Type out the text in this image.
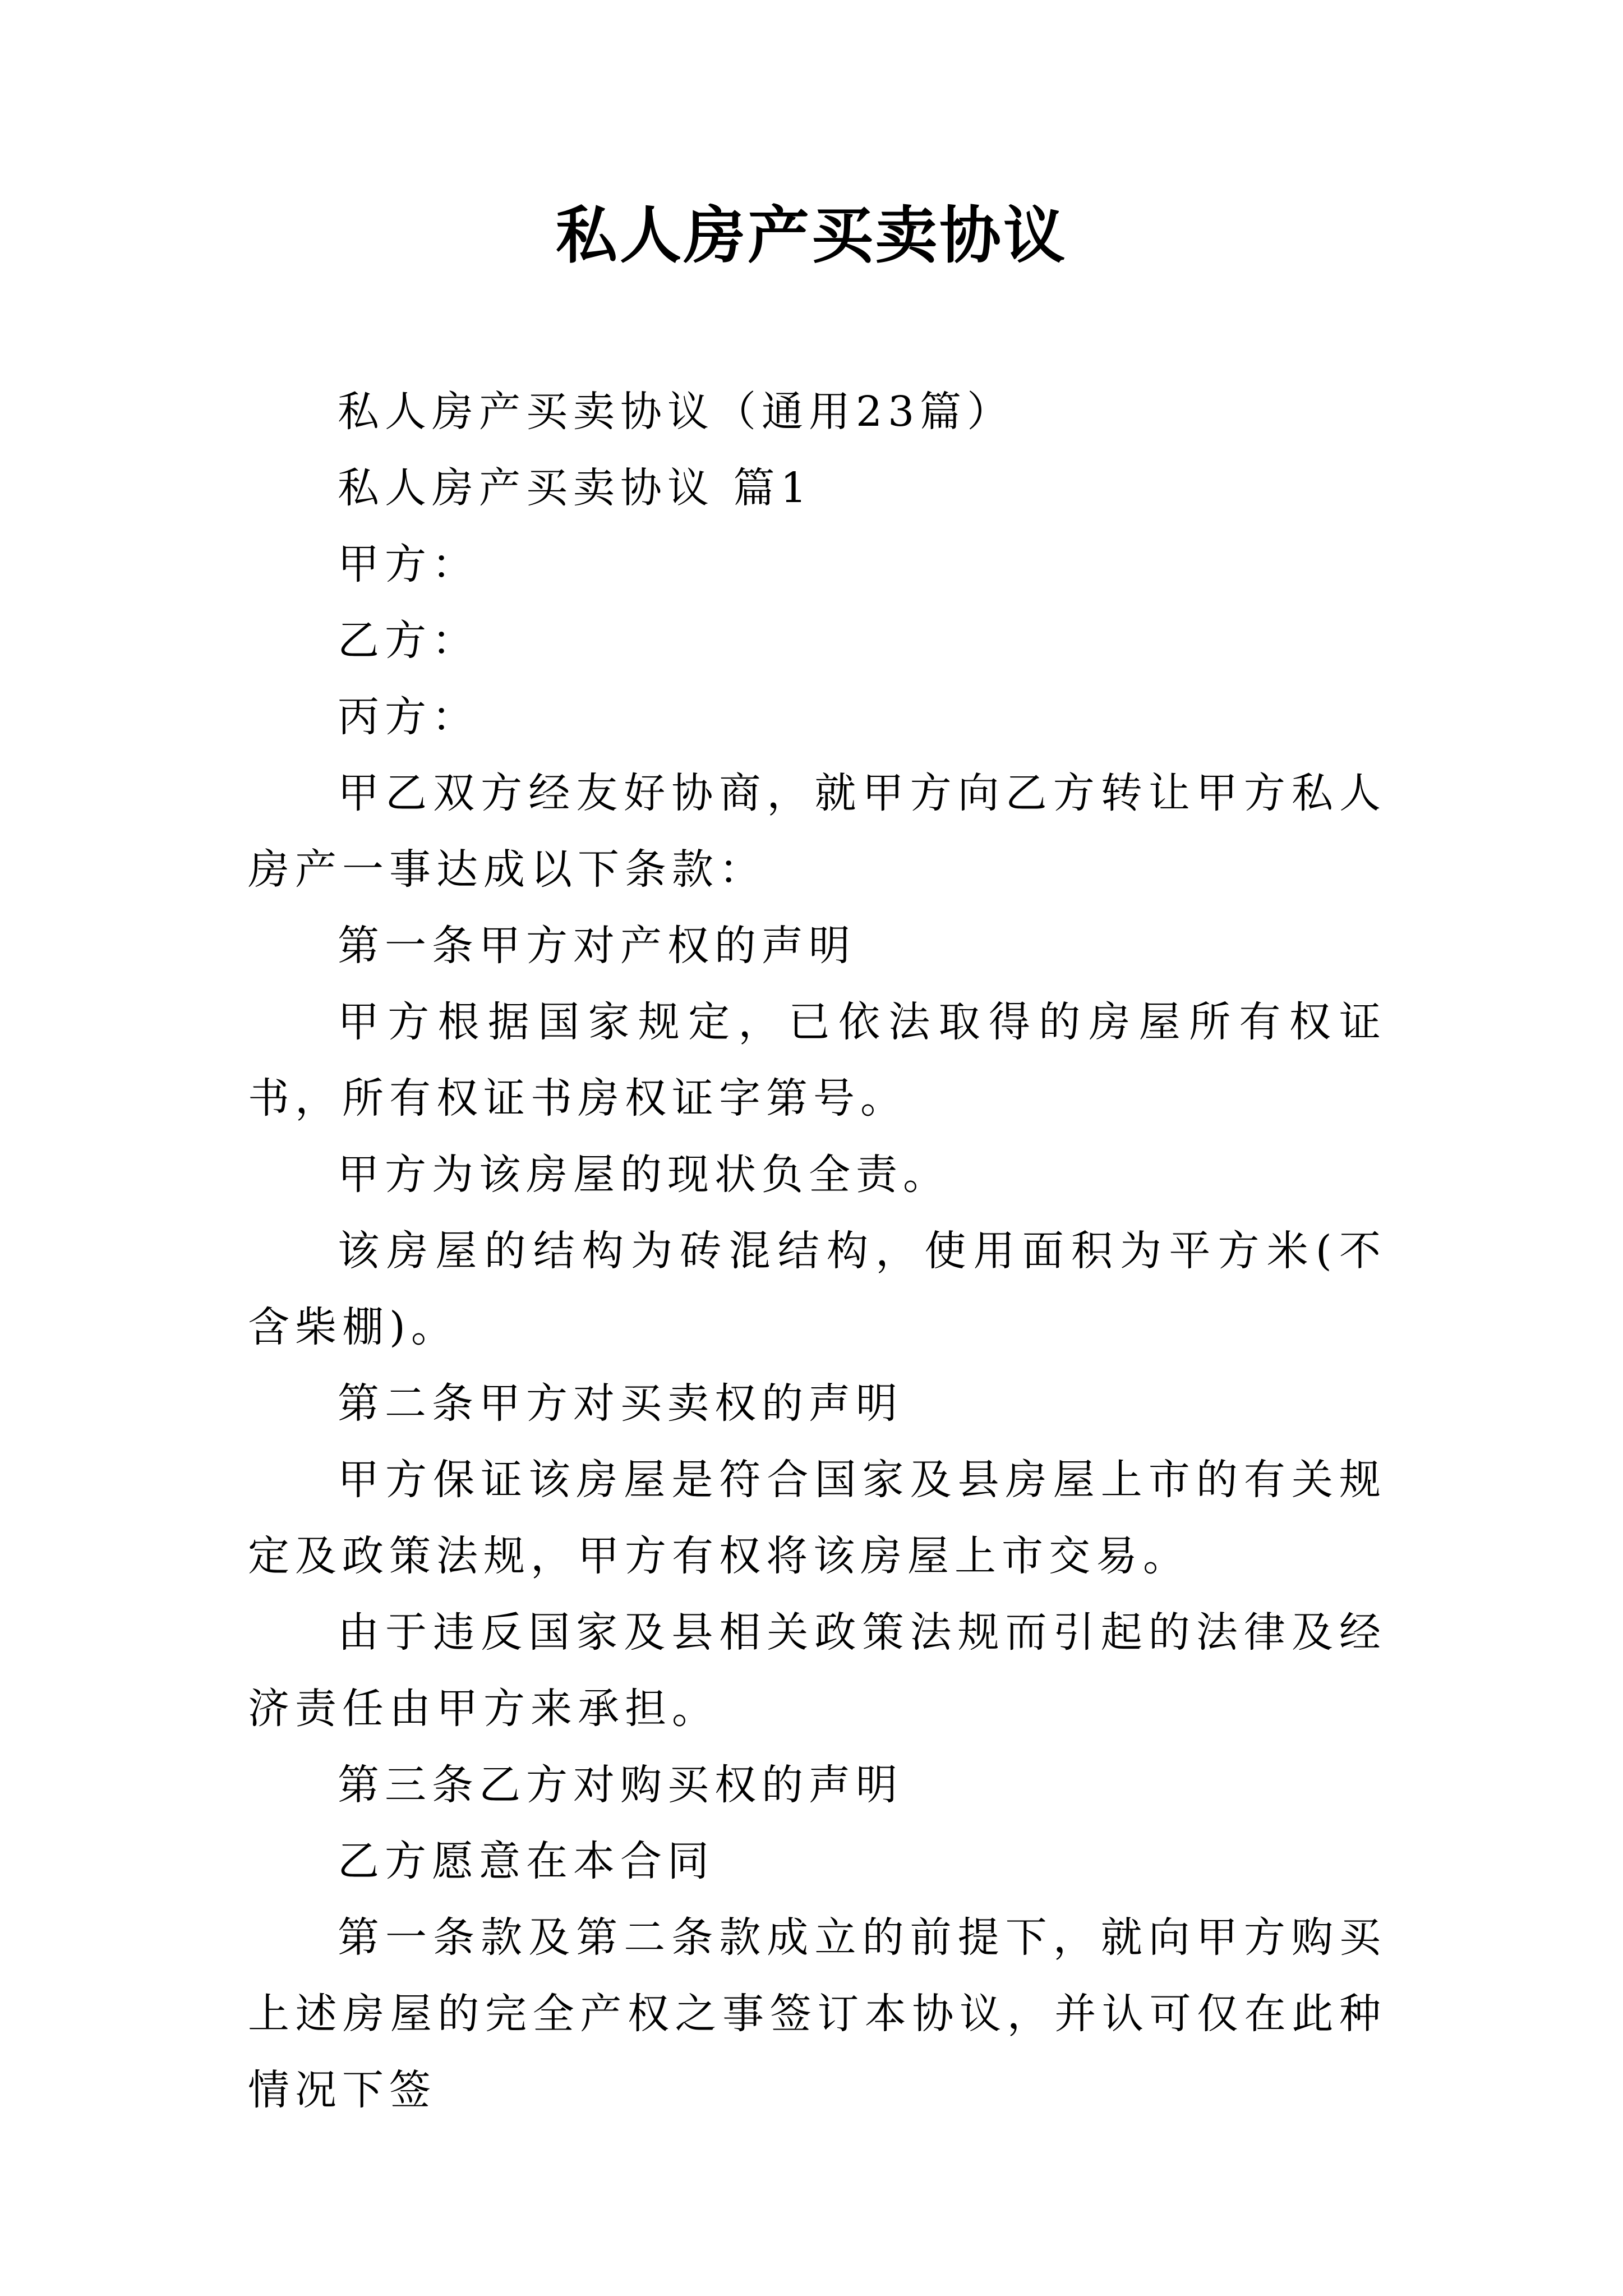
私人房产买卖协议

私人房产买卖协议（通用23篇）

私人房产买卖协议 篇1

甲方：

乙方：

丙方：

甲乙双方经友好协商，就甲方向乙方转让甲方私人房产一事达成以下条款：

第一条甲方对产权的声明

甲方根据国家规定，已依法取得的房屋所有权证书，所有权证书房权证字第号。

甲方为该房屋的现状负全责。

该房屋的结构为砖混结构，使用面积为平方米(不含柴棚)。

第二条甲方对买卖权的声明

甲方保证该房屋是符合国家及县房屋上市的有关规定及政策法规，甲方有权将该房屋上市交易。

由于违反国家及县相关政策法规而引起的法律及经济责任由甲方来承担。

第三条乙方对购买权的声明

乙方愿意在本合同

第一条款及第二条款成立的前提下，就向甲方购买上述房屋的完全产权之事签订本协议，并认可仅在此种情况下签
